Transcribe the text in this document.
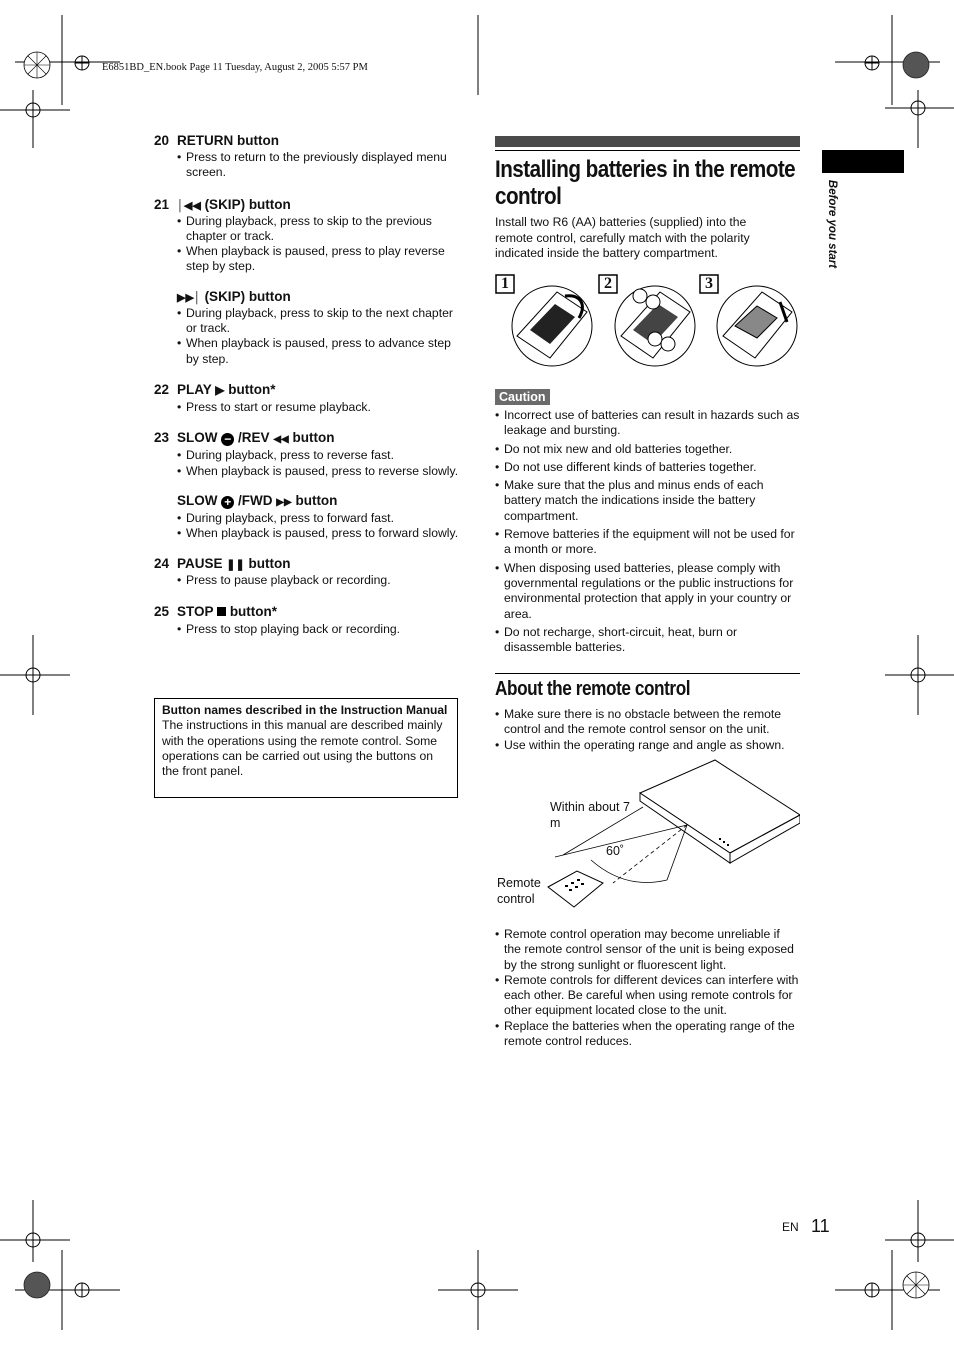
E6851BD_EN.book Page 11 Tuesday, August 2, 2005 5:57 PM
Before you start
20 RETURN button
• Press to return to the previously displayed menu screen.
21 │◀◀ (SKIP) button
• During playback, press to skip to the previous chapter or track.
• When playback is paused, press to play reverse step by step.
▶▶│ (SKIP) button
• During playback, press to skip to the next chapter or track.
• When playback is paused, press to advance step by step.
22 PLAY ▶ button*
• Press to start or resume playback.
23 SLOW − /REV ◀◀ button
• During playback, press to reverse fast.
• When playback is paused, press to reverse slowly.
SLOW + /FWD ▶▶ button
• During playback, press to forward fast.
• When playback is paused, press to forward slowly.
24 PAUSE ❚❚ button
• Press to pause playback or recording.
25 STOP button*
• Press to stop playing back or recording.
Button names described in the Instruction Manual
The instructions in this manual are described mainly with the operations using the remote control. Some operations can be carried out using the buttons on the front panel.
Installing batteries in the remote control
Install two R6 (AA) batteries (supplied) into the remote control, carefully match with the polarity indicated inside the battery compartment.
1	2	3
Caution
• Incorrect use of batteries can result in hazards such as leakage and bursting.
• Do not mix new and old batteries together.
• Do not use different kinds of batteries together.
• Make sure that the plus and minus ends of each battery match the indications inside the battery compartment.
• Remove batteries if the equipment will not be used for a month or more.
• When disposing used batteries, please comply with governmental regulations or the public instructions for environmental protection that apply in your country or area.
• Do not recharge, short-circuit, heat, burn or disassemble batteries.
About the remote control
• Make sure there is no obstacle between the remote control and the remote control sensor on the unit.
• Use within the operating range and angle as shown.
Within about 7 m
60˚
Remote control
• Remote control operation may become unreliable if the remote control sensor of the unit is being exposed by the strong sunlight or fluorescent light.
• Remote controls for different devices can interfere with each other. Be careful when using remote controls for other equipment located close to the unit.
• Replace the batteries when the operating range of the remote control reduces.
EN 11
